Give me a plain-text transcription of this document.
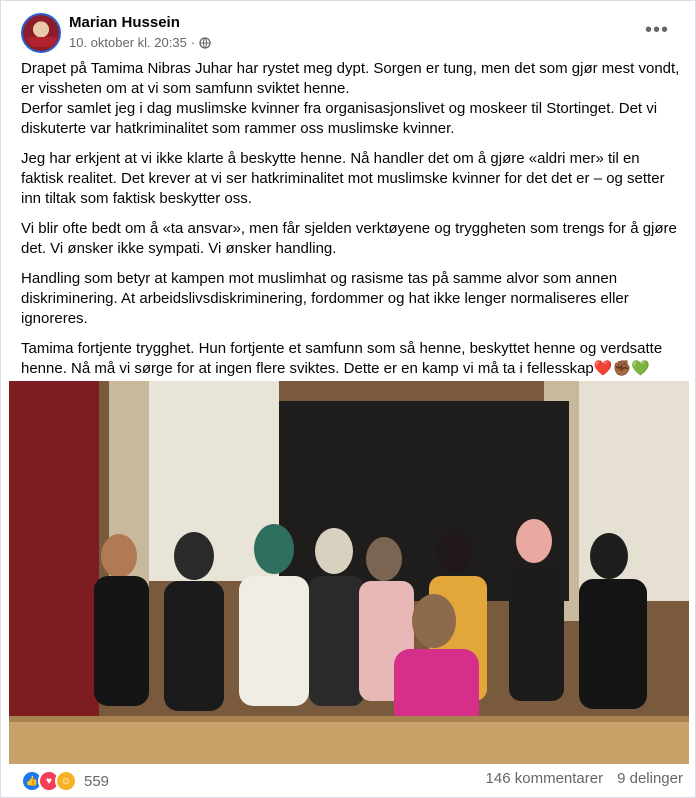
Marian Hussein
10. oktober kl. 20:35 ·
•••

Drapet på Tamima Nibras Juhar har rystet meg dypt. Sorgen er tung, men det som gjør mest vondt, er vissheten om at vi som samfunn sviktet henne.
Derfor samlet jeg i dag muslimske kvinner fra organisasjonslivet og moskeer til Stortinget. Det vi diskuterte var hatkriminalitet som rammer oss muslimske kvinner.

Jeg har erkjent at vi ikke klarte å beskytte henne. Nå handler det om å gjøre «aldri mer» til en faktisk realitet. Det krever at vi ser hatkriminalitet mot muslimske kvinner for det det er – og setter inn tiltak som faktisk beskytter oss.

Vi blir ofte bedt om å «ta ansvar», men får sjelden verktøyene og tryggheten som trengs for å gjøre det. Vi ønsker ikke sympati. Vi ønsker handling.

Handling som betyr at kampen mot muslimhat og rasisme tas på samme alvor som annen diskriminering. At arbeidslivsdiskriminering, fordommer og hat ikke lenger normaliseres eller ignoreres.

Tamima fortjente trygghet. Hun fortjente et samfunn som så henne, beskyttet henne og verdsatte henne. Nå må vi sørge for at ingen flere sviktes. Dette er en kamp vi må ta i fellesskap❤️✊🏾💚

👍 ♥ ☺ 559	146 kommentarer 9 delinger
